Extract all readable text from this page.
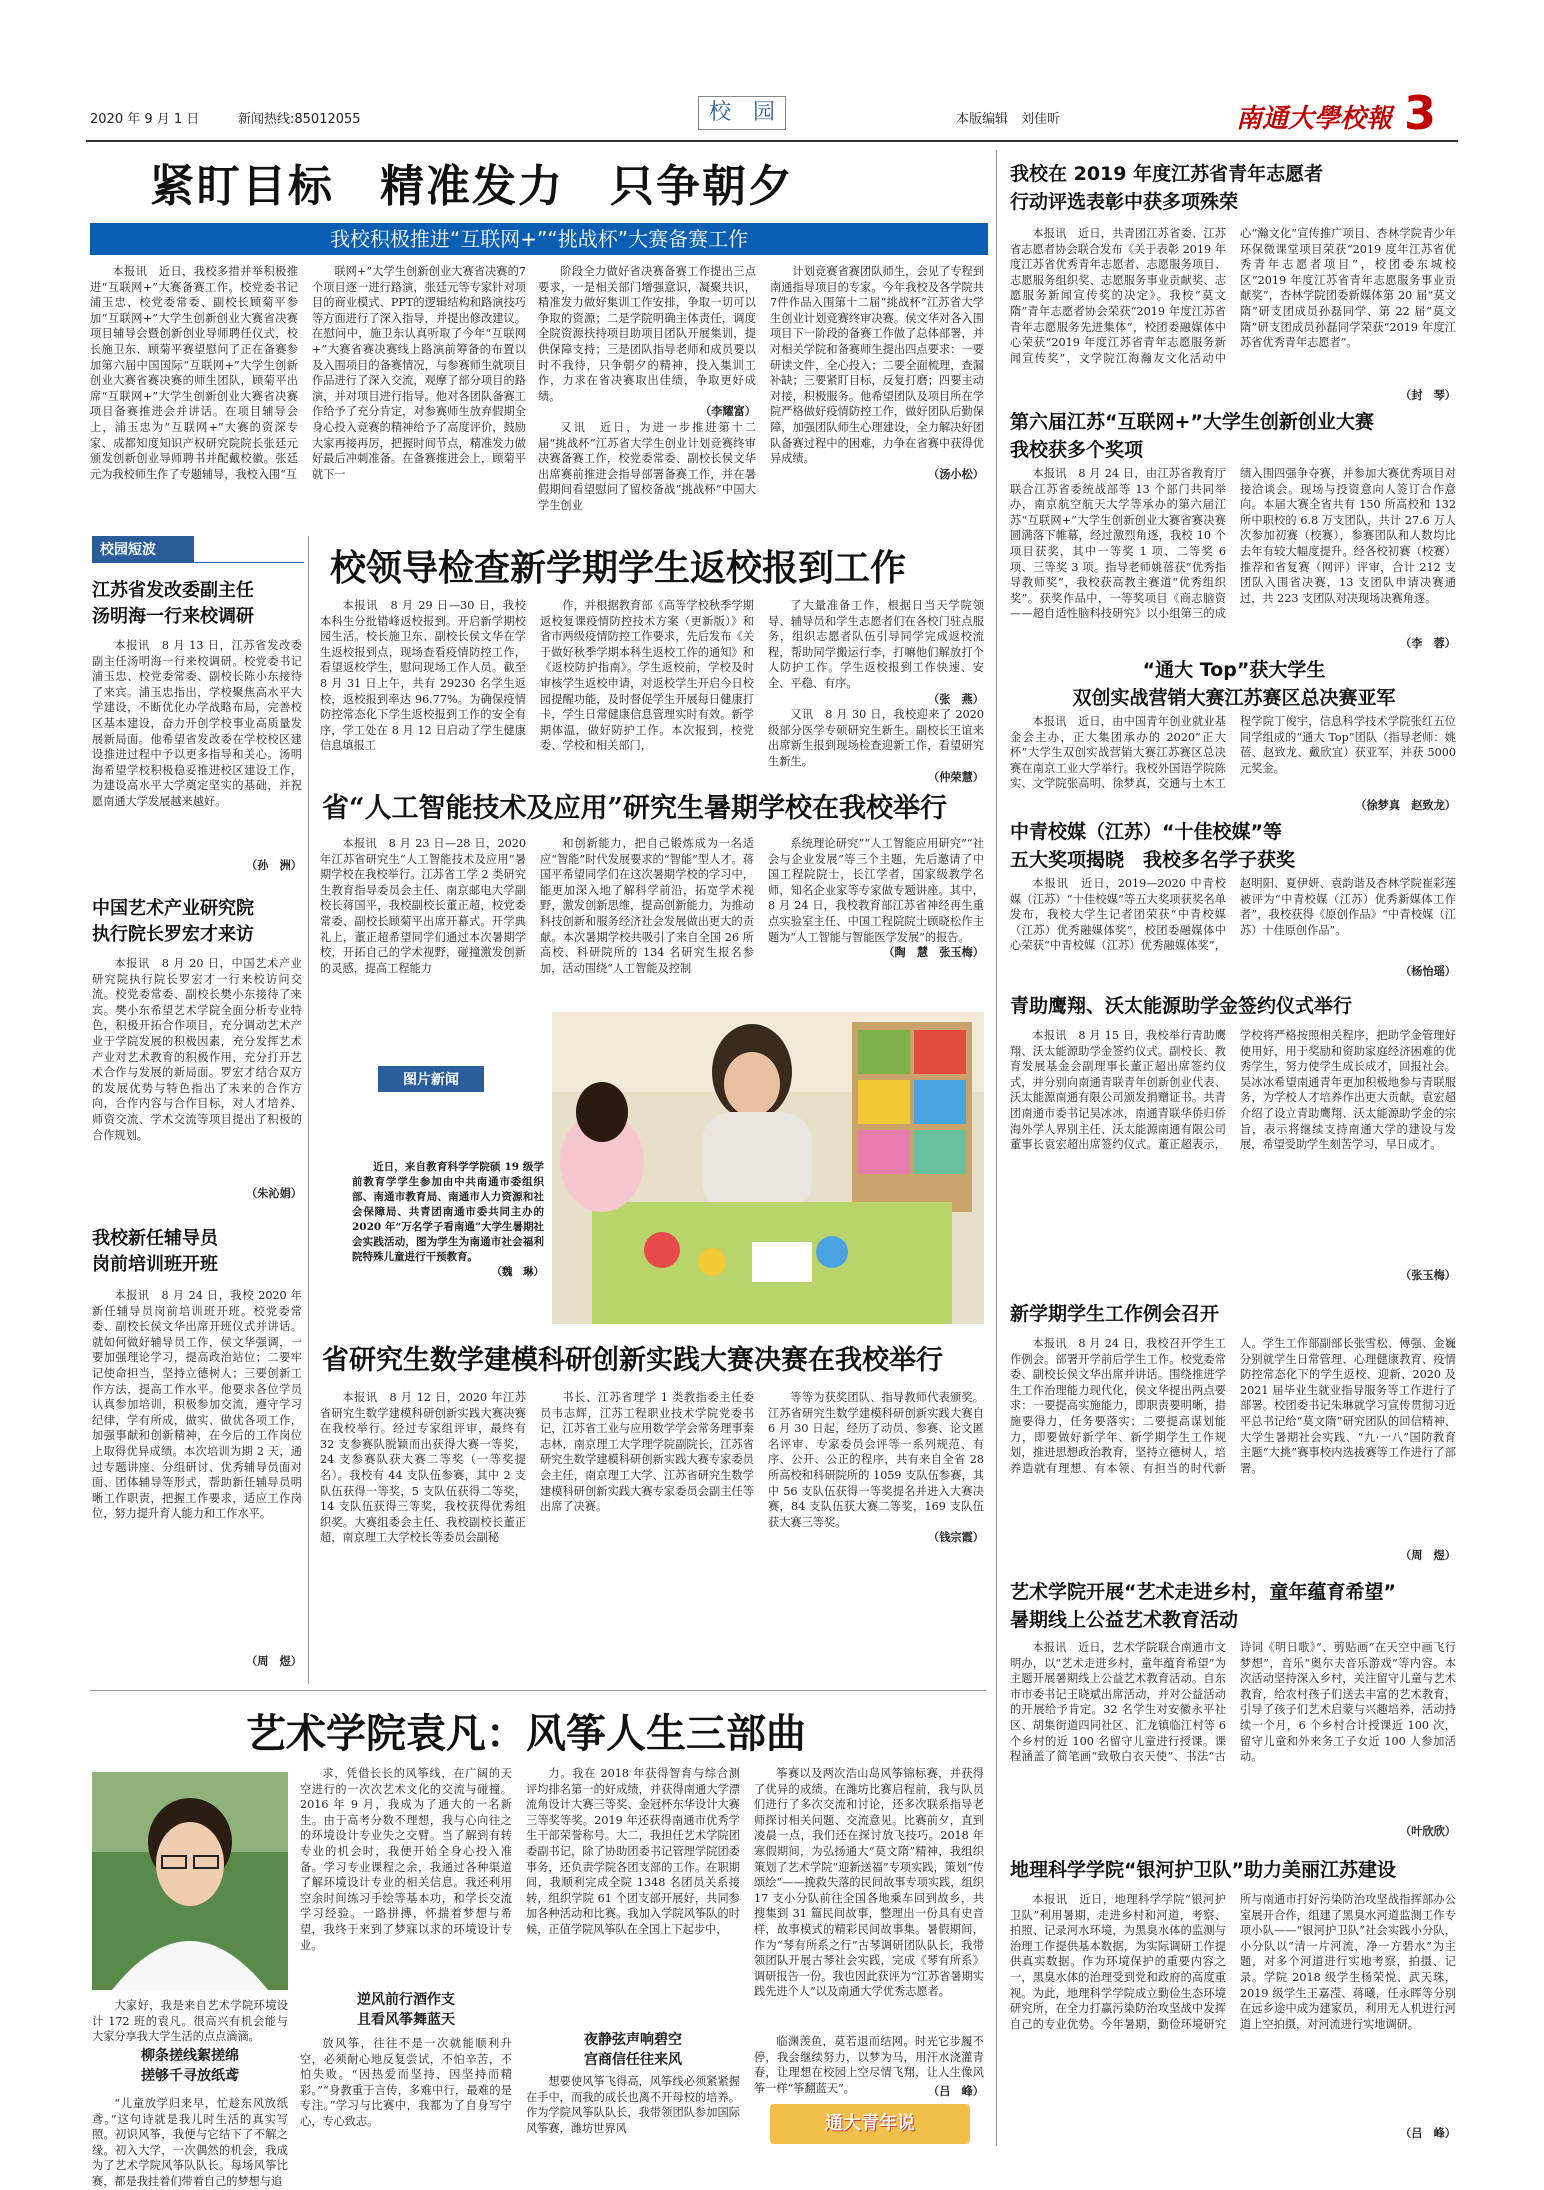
2020 年 9 月 1 日	新闻热线:85012055	校　园	本版编辑　刘佳昕	南通大學校報 3
紧盯目标　精准发力　只争朝夕
我校积极推进“互联网+”“挑战杯”大赛备赛工作

本报讯　近日，我校多措并举积极推进“互联网+”大赛备赛工作。校党委书记浦玉忠、校党委常委、副校长顾菊平参加“互联网+”大学生创新创业大赛省决赛项目辅导会暨创新创业导师聘任仪式，校长施卫东、顾菊平赛望慰问了正在备赛参加第六届中国国际“互联网+”大学生创新创业大赛省赛决赛的师生团队，顾菊平出席“互联网+”大学生创新创业大赛省决赛项目备赛推进会并讲话。在项目辅导会上，浦玉忠为“互联网+”大赛的资深专家、成都知度知识产权研究院院长张廷元颁发创新创业导师聘书并配戴校徽。张廷元为我校师生作了专题辅导，我校入围“互

联网+”大学生创新创业大赛省决赛的7个项目逐一进行路演，张廷元等专家针对项目的商业模式、PPT的逻辑结构和路演技巧等方面进行了深入指导，并提出修改建议。在慰问中，施卫东认真听取了今年“互联网+”大赛省赛决赛线上路演前筹备的布置以及入围项目的备赛情况，与参赛师生就项目作品进行了深入交流，观摩了部分项目的路演，并对项目进行指导。他对各团队备赛工作给予了充分肯定，对参赛师生放弃假期全身心投入竞赛的精神给予了高度评价，鼓励大家再接再厉，把握时间节点，精准发力做好最后冲刺准备。在备赛推进会上，顾菊平就下一

阶段全力做好省决赛备赛工作提出三点要求，一是相关部门增强意识，凝聚共识，精准发力做好集训工作安排，争取一切可以争取的资源；二是学院明确主体责任，调度全院资源扶持项目助项目团队开展集训，提供保障支持；三是团队指导老师和成员要以时不我待，只争朝夕的精神，投入集训工作，力求在省决赛取出佳绩，争取更好成绩。

（李耀富）

又讯　近日，为进一步推进第十二届“挑战杯”江苏省大学生创业计划竞赛终审决赛备赛工作，校党委常委、副校长侯文华出席赛前推进会指导部署备赛工作，并在暑假期间看望慰问了留校备战“挑战杯”中国大学生创业

计划竞赛省赛团队师生，会见了专程到南通指导项目的专家。今年我校及各学院共7件作品入围第十二届“挑战杯”江苏省大学生创业计划竞赛终审决赛。侯文华对各入围项目下一阶段的备赛工作做了总体部署，并对相关学院和备赛师生提出四点要求：一要研读文件，全心投入；二要全面梳理，查漏补缺；三要紧盯目标，反复打磨；四要主动对接，积极服务。他希望团队及项目所在学院严格做好疫情防控工作，做好团队后勤保障，加强团队师生心理建设，全力解决好团队备赛过程中的困难，力争在省赛中获得优异成绩。

（汤小松）
校园短波
江苏省发改委副主任
汤明海一行来校调研

本报讯　8 月 13 日，江苏省发改委副主任汤明海一行来校调研。校党委书记浦玉忠、校党委常委、副校长陈小东接待了来宾。浦玉忠指出，学校聚焦高水平大学建设，不断优化办学战略布局，完善校区基本建设，奋力开创学校事业高质量发展新局面。他希望省发改委在学校校区建设推进过程中予以更多指导和关心。汤明海希望学校积极稳妥推进校区建设工作，为建设高水平大学奠定坚实的基础，并祝愿南通大学发展越来越好。

（孙　洲）
中国艺术产业研究院
执行院长罗宏才来访

本报讯　8 月 20 日，中国艺术产业研究院执行院长罗宏才一行来校访问交流。校党委常委、副校长樊小东接待了来宾。樊小东希望艺术学院全面分析专业特色，积极开拓合作项目，充分调动艺术产业于学院发展的积极因素，充分发挥艺术产业对艺术教育的积极作用，充分打开艺术合作与发展的新局面。罗宏才结合双方的发展优势与特色指出了未来的合作方向，合作内容与合作目标，对人才培养、师资交流、学术交流等项目提出了积极的合作规划。

（朱沁娟）
我校新任辅导员
岗前培训班开班

本报讯　8 月 24 日，我校 2020 年新任辅导员岗前培训班开班。校党委常委、副校长侯文华出席开班仪式并讲话。就如何做好辅导员工作，侯文华强调，一要加强理论学习，提高政治站位；二要牢记使命担当，坚持立德树人；三要创新工作方法，提高工作水平。他要求各位学员认真参加培训，积极参加交流，遵守学习纪律，学有所成，做实、做优各项工作，加强事献和创新精神，在今后的工作岗位上取得优异成绩。本次培训为期 2 天，通过专题讲座、分组研讨、优秀辅导员面对面、团体辅导等形式，帮助新任辅导员明晰工作职责，把握工作要求，适应工作岗位，努力提升育人能力和工作水平。

（周　煜）
校领导检查新学期学生返校报到工作

本报讯　8 月 29 日—30 日，我校本科生分批错峰返校报到。开启新学期校园生活。校长施卫东、副校长侯文华在学生返校报到点，现场查看疫情防控工作，看望返校学生，慰问现场工作人员。截至 8 月 31 日上午，共有 29230 名学生返校，返校报到率达 96.77%。为确保疫情防控常态化下学生返校报到工作的安全有序，学工处在 8 月 12 日启动了学生健康信息填报工

作，并根据教育部《高等学校秋季学期返校复课疫情防控技术方案（更新版）》和省市两级疫情防控工作要求，先后发布《关于做好秋季学期本科生返校工作的通知》和《返校防护指南》。学生返校前，学校及时审核学生返校申请，对返校学生开启今日校园提醒功能，及时督促学生开展每日健康打卡，学生日常健康信息管理实时有效。新学期体温，做好防护工作。本次报到，校党委、学校和相关部门，

了大量准备工作，根据日当天学院领导、辅导员和学生志愿者们在各校门驻点服务，组织志愿者队伍引导同学完成返校流程，帮助同学搬运行李，打嘛他们解放打个人防护工作。学生返校报到工作快速、安全、平稳、有序。

（张　燕）

又讯　8 月 30 日，我校迎来了 2020 级部分医学专硕研究生新生。副校长王谊来出席新生报到现场检查迎新工作，看望研究生新生。

（仲荣慧）
省“人工智能技术及应用”研究生暑期学校在我校举行

本报讯　8 月 23 日—28 日，2020 年江苏省研究生“人工智能技术及应用”暑期学校在我校举行。江苏省工学 2 类研究生教育指导委员会主任、南京邮电大学副校长蒋国平，我校副校长董正超，校党委常委、副校长顾菊平出席开幕式。开学典礼上，董正超希望同学们通过本次暑期学校，开拓自己的学术视野，碰撞激发创新的灵感，提高工程能力

和创新能力，把自己锻炼成为一名适应“智能”时代发展要求的“智能”型人才。蒋国平希望同学们在这次暑期学校的学习中，能更加深入地了解科学前沿，拓宽学术视野，激发创新思维，提高创新能力，为推动科技创新和服务经济社会发展做出更大的贡献。本次暑期学校共吸引了来自全国 26 所高校、科研院所的 134 名研究生报名参加，活动围绕“人工智能及控制

系统理论研究”“人工智能应用研究”“社会与企业发展”等三个主题，先后邀请了中国工程院院士，长江学者，国家级教学名师，知名企业家等专家做专题讲座。其中，8 月 24 日，我校教育部江苏省神经再生重点实验室主任、中国工程院院士顾晓松作主题为“人工智能与智能医学发展”的报告。

（陶　慧　张玉梅）
图片新闻

近日，来自教育科学学院硕 19 级学前教育学学生参加由中共南通市委组织部、南通市教育局、南通市人力资源和社会保障局、共青团南通市委共同主办的 2020 年“万名学子看南通”大学生暑期社会实践活动，图为学生为南通市社会福利院特殊儿童进行干预教育。

（魏　琳）
省研究生数学建模科研创新实践大赛决赛在我校举行

本报讯　8 月 12 日，2020 年江苏省研究生数学建模科研创新实践大赛决赛在我校举行。经过专家组评审，最终有 32 支参赛队脱颖而出获得大赛一等奖，24 支参赛队获大赛二等奖（一等奖提名）。我校有 44 支队伍参赛，其中 2 支队伍获得一等奖，5 支队伍获得二等奖，14 支队伍获得三等奖，我校获得优秀组织奖。大赛组委会主任、我校副校长董正超，南京理工大学校长等委员会副秘

书长、江苏省理学 1 类教指委主任委员韦志辉，江苏工程职业技术学院党委书记，江苏省工业与应用数学学会常务理事秦志林，南京理工大学理学院副院长，江苏省研究生数学建模科研创新实践大赛专家委员会主任，南京理工大学、江苏省研究生数学建模科研创新实践大赛专家委员会副主任等出席了决赛。

等等为获奖团队、指导教师代表颁奖。江苏省研究生数学建模科研创新实践大赛自 6 月 30 日起，经历了动员、参赛、论文匿名评审、专家委员会评等一系列规范、有序、公开、公正的程序，共有来自全省 28 所高校和科研院所的 1059 支队伍参赛，其中 56 支队伍获得一等奖提名并进入大赛决赛，84 支队伍获大赛二等奖，169 支队伍获大赛三等奖。

（钱宗霞）
艺术学院袁凡：风筝人生三部曲

大家好，我是来自艺术学院环境设计 172 班的袁凡。很高兴有机会能与大家分享我大学生活的点点滴滴。

柳条搓线絮搓绵
搓够千寻放纸鸢

“儿童放学归来早，忙趁东风放纸鸢。”这句诗就是我儿时生活的真实写照。初识风筝，我便与它结下了不解之缘。初入大学，一次偶然的机会，我成为了艺术学院风筝队队长。每场风筝比赛，都是我挂着们带着自己的梦想与追

求，凭借长长的风筝线，在广阔的天空进行的一次次艺术文化的交流与碰撞。2016 年 9 月，我成为了通大的一名新生。由于高考分数不理想，我与心向往之的环境设计专业失之交臂。当了解到有转专业的机会时，我便开始全身心投入准备。学习专业课程之余，我通过各种渠道了解环境设计专业的相关信息。我还利用空余时间练习手绘等基本功，和学长交流学习经验。一路拼搏，怀揣着梦想与希望，我终于来到了梦寐以求的环境设计专业。

逆风前行酒作支
且看风筝舞蓝天

放风筝，往往不是一次就能顺利升空，必须耐心地反复尝试，不怕辛苦，不怕失败。“因热爱而坚持，因坚持而精彩。”“身教重于言传，多难中行，最难的是专注。”学习与比赛中，我都为了自身写宁心，专心致志。

力。我在 2018 年获得智育与综合测评均排名第一的好成绩，并获得南通大学漂流角设计大赛三等奖、金冠杯东华设计大赛三等奖等奖。2019 年还获得南通市优秀学生干部荣誉称号。大二，我担任艺术学院团委副书记，除了协助团委书记管理学院团委事务，还负责学院各团支部的工作。在职期间，我顺利完成全院 1348 名团员关系接转，组织学院 61 个团支部开展好，共同参加各种活动和比赛。我加入学院风筝队的时候，正值学院风筝队在全国上下起步中，

夜静弦声响碧空
宫商信任往来风

想要使风筝飞得高，风筝线必须紧紧握在手中，而我的成长也离不开母校的培养。作为学院风筝队队长，我带领团队参加国际风筝赛，潍坊世界风

筝赛以及两次浩山岛风筝锦标赛，并获得了优异的成绩。在潍坊比赛启程前，我与队员们进行了多次交流和讨论，还多次联系指导老师探讨相关问题、交流意见。比赛前夕，直到凌晨一点，我们还在探讨放飞技巧。2018 年寒假期间，为弘扬通大“莫文隋”精神，我组织策划了艺术学院“迎新送福”专项实践，策划“传颂绘”——挽救失落的民间故事专项实践，组织 17 支小分队前往全国各地乘车回到故乡，共搜集到 31 篇民间故事，整理出一份具有史音样，故事模式的精彩民间故事集。暑假期间，作为“琴有所系之行”古琴调研团队队长，我带领团队开展古琴社会实践，完成《琴有所系》调研报告一份。我也因此获评为“江苏省暑期实践先进个人”以及南通大学优秀志愿者。

临渊羡鱼，莫若退而结网。时光它步履不停，我会继续努力，以梦为马，用汗水浇灌青春，让理想在校园上空尽情飞翔，让人生像风筝一样“筝翻蓝天”。	（吕　峰）
通大青年说
我校在 2019 年度江苏省青年志愿者
行动评选表彰中获多项殊荣

本报讯　近日，共青团江苏省委、江苏省志愿者协会联合发布《关于表彰 2019 年度江苏省优秀青年志愿者、志愿服务项目、志愿服务组织奖、志愿服务事业贡献奖、志愿服务新闻宣传奖的决定》。我校“莫文隋”青年志愿者协会荣获“2019 年度江苏省青年志愿服务先进集体”，校团委融媒体中心荣获“2019 年度江苏省青年志愿服务新闻宣传奖”，文学院江海瀚友文化活动中心“瀚文化”宣传推广项目、杏林学院青少年环保微课堂项目荣获“2019 度年江苏省优秀青年志愿者项目”，校团委东城校区“2019 年度江苏省青年志愿服务事业贡献奖”，杏林学院团委新媒体第 20 届“莫文隋”研支团成员孙磊同学、第 22 届“莫文隋”研支团成员孙磊同学荣获“2019 年度江苏省优秀青年志愿者”。

（封　琴）
第六届江苏“互联网+”大学生创新创业大赛
我校获多个奖项

本报讯　8 月 24 日，由江苏省教育厅联合江苏省委统战部等 13 个部门共同举办，南京航空航天大学等承办的第六届江苏“互联网+”大学生创新创业大赛省赛决赛圆满落下帷幕，经过激烈角逐，我校 10 个项目获奖，其中一等奖 1 项、二等奖 6 项、三等奖 3 项。指导老师姚蓓获“优秀指导教师奖”，我校获高教主赛道“优秀组织奖”。获奖作品中，一等奖项目《商志脑资——超自适性脑科技研究》以小组第三的成绩入围四强争夺赛，并参加大赛优秀项目对接洽谈会。现场与投资意向人签订合作意向。本届大赛全省共有 150 所高校和 132 所中职校的 6.8 万支团队，共计 27.6 万人次参加初赛（校赛），参赛团队和人数均比去年有较大幅度提升。经各校初赛（校赛）推荐和省复赛（网评）评审，合计 212 支团队入围省决赛，13 支团队申请决赛通过，共 223 支团队对决现场决赛角逐。

（李　蓉）
“通大 Top”获大学生
双创实战营销大赛江苏赛区总决赛亚军

本报讯　近日，由中国青年创业就业基金会主办，正大集团承办的 2020“正大杯”大学生双创实战营销大赛江苏赛区总决赛在南京工业大学举行。我校外国语学院陈实、文学院张高明、徐梦真，交通与土木工程学院丁俊宇，信息科学技术学院张红五位同学组成的“通大 Top”团队（指导老师：姚蓓、赵致龙、戴欣宜）获亚军，并获 5000 元奖金。

（徐梦真　赵致龙）
中青校媒（江苏）“十佳校媒”等
五大奖项揭晓　我校多名学子获奖

本报讯　近日，2019—2020 中青校媒（江苏）“十佳校媒”等五大奖项获奖名单发布，我校大学生记者团荣获“中青校媒（江苏）优秀融媒体奖”，校团委融媒体中心荣获“中青校媒（江苏）优秀融媒体奖”，赵明阳、夏伊妍、袁韵谐及杏林学院崔彩莲被评为“中青校媒（江苏）优秀新媒体工作者”，我校获得《原创作品》“中青校媒（江苏）十佳原创作品”。

（杨怡瑶）
青助鹰翔、沃太能源助学金签约仪式举行

本报讯　8 月 15 日，我校举行青助鹰翔、沃太能源助学金签约仪式。副校长、教育发展基金会副理事长董正超出席签约仪式，并分别向南通青联青年创新创业代表、沃太能源南通有限公司颁发捐赠证书。共青团南通市委书记吴冰冰，南通青联华侨归侨海外学人界别主任、沃太能源南通有限公司董事长袁宏超出席签约仪式。董正超表示，学校将严格按照相关程序，把助学金管理好使用好，用于奖励和资助家庭经济困难的优秀学生，努力使学生成长成才，回报社会。吴冰冰希望南通青年更加积极地参与青联服务，为学校人才培养作出更大贡献。袁宏超介绍了设立青助鹰翔、沃太能源助学金的宗旨，表示将继续支持南通大学的建设与发展，希望受助学生刻苦学习，早日成才。

（张玉梅）
新学期学生工作例会召开

本报讯　8 月 24 日，我校召开学生工作例会。部署开学前后学生工作。校党委常委、副校长侯文华出席并讲话。围绕推进学生工作治理能力现代化，侯文华提出两点要求：一要提高实施能力，即职责要明晰，措施要得力，任务要落实；二要提高谋划能力，即要做好新学年、新学期学生工作规划，推进思想政治教育，坚持立德树人，培养造就有理想、有本领、有担当的时代新人。学生工作部副部长张雪松、傅强、金巍分别就学生日常管理、心理健康教育、疫情防控常态化下的学生返校、迎新、2020 及 2021 届毕业生就业指导服务等工作进行了部署。校团委书记朱琳就学习宣传贯彻习近平总书记给“莫文隋”研究团队的回信精神、大学生暑期社会实践、“九·一八”国防教育主题“大挑”赛事校内选拔赛等工作进行了部署。

（周　煜）
艺术学院开展“艺术走进乡村，童年蕴育希望”
暑期线上公益艺术教育活动

本报讯　近日，艺术学院联合南通市文明办，以“艺术走进乡村，童年蕴育希望”为主题开展暑期线上公益艺术教育活动。自东市市委书记王晓斌出席活动，并对公益活动的开展给予肯定。32 名学生对安徽永平社区、胡集街道四同社区、汇龙镇临江村等 6 个乡村的近 100 名留守儿童进行授课。课程涵盖了简笔画“致敬白衣天使”、书法“古诗词《明日歌》”、剪贴画“在天空中画飞行梦想”，音乐“奥尔夫音乐游戏”等内容。本次活动坚持深入乡村，关注留守儿童与艺术教育，给农村孩子们送去丰富的艺术教育，引导了孩子们艺术启蒙与兴趣培养，活动持续一个月，6 个乡村合计授课近 100 次，留守儿童和外来务工子女近 100 人参加活动。

（叶欣欣）
地理科学学院“银河护卫队”助力美丽江苏建设

本报讯　近日，地理科学学院“银河护卫队”利用暑期，走进乡村和河道，考察、拍照、记录河水环境，为黑臭水体的监测与治理工作提供基本数据，为实际调研工作提供真实数据。作为环境保护的重要内容之一，黑臭水体的治理受到党和政府的高度重视。为此，地理科学学院成立勤俭生态环境研究所，在全力打赢污染防治攻坚战中发挥自己的专业优势。今年暑期，勤俭环境研究所与南通市打好污染防治攻坚战指挥部办公室展开合作，组建了黑臭水河道监测工作专项小队——“银河护卫队”社会实践小分队，小分队以“清一片河流，净一方碧水”为主题，对多个河道进行实地考察，拍摄、记录。学院 2018 级学生杨荣悦、武天珠，2019 级学生王嘉滢、蒋曦，任永晖等分别在远乡途中成为建家员，利用无人机进行河道上空拍摄，对河流进行实地调研。

（吕　峰）
